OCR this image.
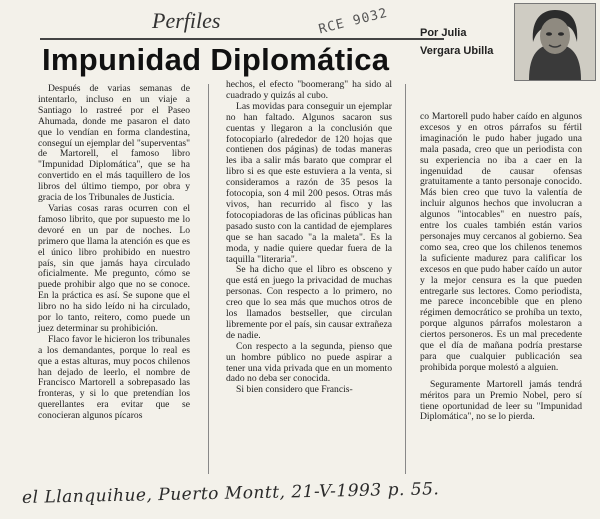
Perfiles
Impunidad Diplomática
RCE 9032	Por Julia
Vergara Ubilla

Después de varias semanas de intentarlo, incluso en un viaje a Santiago lo rastreé por el Paseo Ahumada, donde me pasaron el dato que lo vendían en forma clandestina, conseguí un ejemplar del "superventas" de Martorell, el famoso libro "Impunidad Diplomática", que se ha convertido en el más taquillero de los libros del último tiempo, por obra y gracia de los Tribunales de Justicia.

Varias cosas raras ocurren con el famoso librito, que por supuesto me lo devoré en un par de noches. Lo primero que llama la atención es que es el único libro prohibido en nuestro país, sin que jamás haya circulado oficialmente. Me pregunto, cómo se puede prohibir algo que no se conoce. En la práctica es así. Se supone que el libro no ha sido leído ni ha circulado, por lo tanto, reitero, como puede un juez determinar su prohibición.

Flaco favor le hicieron los tribunales a los demandantes, porque lo real es que a estas alturas, muy pocos chilenos han dejado de leerlo, el nombre de Francisco Martorell a sobrepasado las fronteras, y si lo que pretendían los querellantes era evitar que se conocieran algunos pícaros

hechos, el efecto "boomerang" ha sido al cuadrado y quizás al cubo.

Las movidas para conseguir un ejemplar no han faltado. Algunos sacaron sus cuentas y llegaron a la conclusión que fotocopiarlo (alrededor de 120 hojas que contienen dos páginas) de todas maneras les iba a salir más barato que comprar el libro si es que este estuviera a la venta, si consideramos a razón de 35 pesos la fotocopia, son 4 mil 200 pesos. Otras más vivos, han recurrido al fisco y las fotocopiadoras de las oficinas públicas han pasado susto con la cantidad de ejemplares que se han sacado "a la maleta". Es la moda, y nadie quiere quedar fuera de la taquilla "literaria".

Se ha dicho que el libro es obsceno y que está en juego la privacidad de muchas personas. Con respecto a lo primero, no creo que lo sea más que muchos otros de los llamados bestseller, que circulan libremente por el país, sin causar extrañeza de nadie.

Con respecto a la segunda, pienso que un hombre público no puede aspirar a tener una vida privada que en un momento dado no deba ser conocida.

Si bien considero que Francis-

co Martorell pudo haber caído en algunos excesos y en otros párrafos su fértil imaginación le pudo haber jugado una mala pasada, creo que un periodista con su experiencia no iba a caer en la ingenuidad de causar ofensas gratuitamente a tanto personaje conocido. Más bien creo que tuvo la valentía de incluir algunos hechos que involucran a algunos "intocables" en nuestro país, entre los cuales también están varios personajes muy cercanos al gobierno. Sea como sea, creo que los chilenos tenemos la suficiente madurez para calificar los excesos en que pudo haber caído un autor y la mejor censura es la que pueden entregarle sus lectores. Como periodista, me parece inconcebible que en pleno régimen democrático se prohíba un texto, porque algunos párrafos molestaron a ciertos personeros. Es un mal precedente que el día de mañana podría prestarse para que cualquier publicación sea prohibida porque molestó a alguien.

Seguramente Martorell jamás tendrá méritos para un Premio Nobel, pero sí tiene oportunidad de leer su "Impunidad Diplomática", no se lo pierda.

el Llanquihue, Puerto Montt, 21-V-1993 p. 55.
